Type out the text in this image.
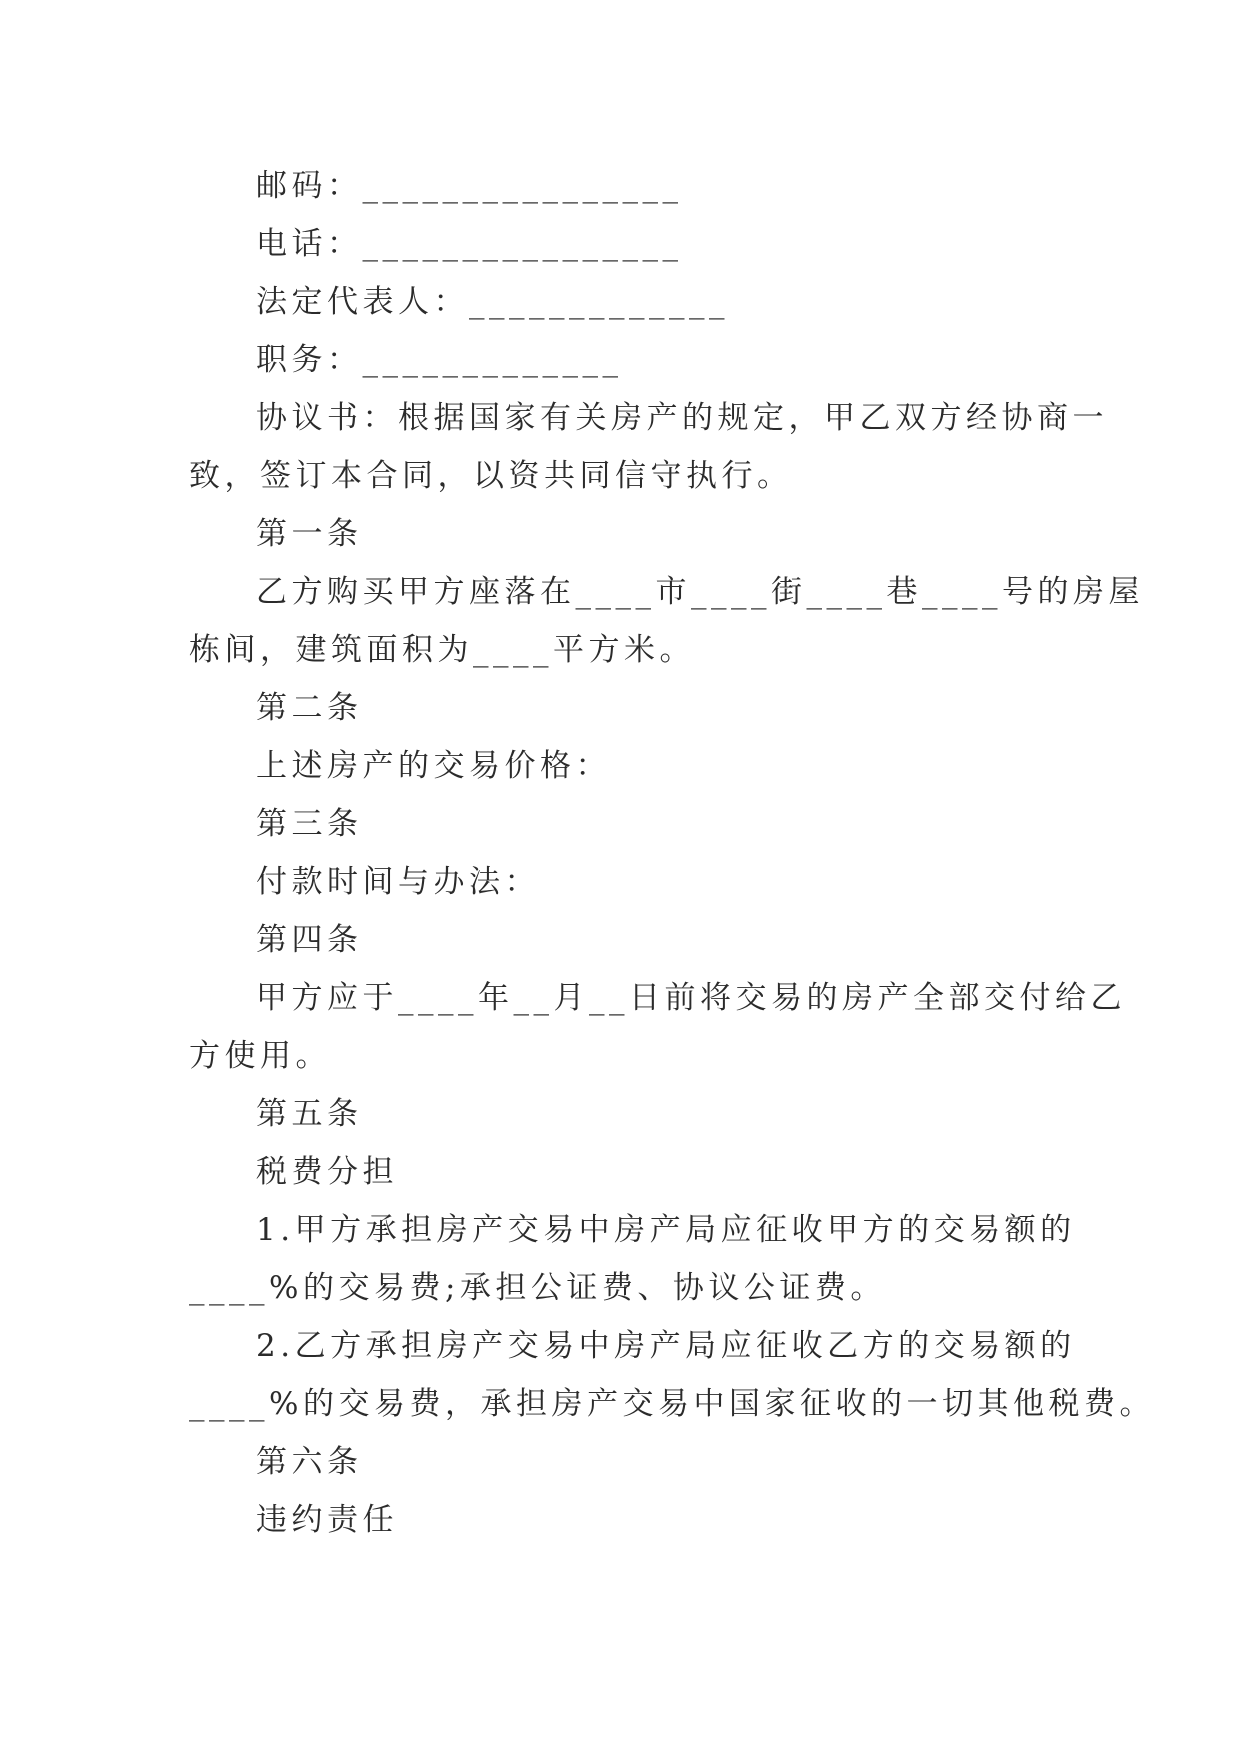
邮码：________________

电话：________________

法定代表人：_____________

职务：_____________

协议书：根据国家有关房产的规定，甲乙双方经协商一

致，签订本合同，以资共同信守执行。

第一条

乙方购买甲方座落在____市____街____巷____号的房屋

栋间，建筑面积为____平方米。

第二条

上述房产的交易价格：

第三条

付款时间与办法：

第四条

甲方应于____年__月__日前将交易的房产全部交付给乙

方使用。

第五条

税费分担

1.甲方承担房产交易中房产局应征收甲方的交易额的

____%的交易费;承担公证费、协议公证费。

2.乙方承担房产交易中房产局应征收乙方的交易额的

____%的交易费，承担房产交易中国家征收的一切其他税费。

第六条

违约责任
